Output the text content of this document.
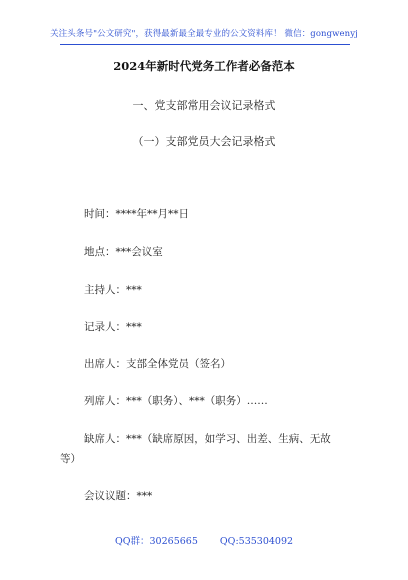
关注头条号"公文研究"，获得最新最全最专业的公文资料库！ 微信：gongwenyj
2024年新时代党务工作者必备范本
一、党支部常用会议记录格式
（一）支部党员大会记录格式
时间：****年**月**日
地点：***会议室
主持人：***
记录人：***
出席人：支部全体党员（签名）
列席人：***（职务）、***（职务）……
缺席人：***（缺席原因，如学习、出差、生病、无故
等）
会议议题：***
QQ群：30265665 QQ:535304092
